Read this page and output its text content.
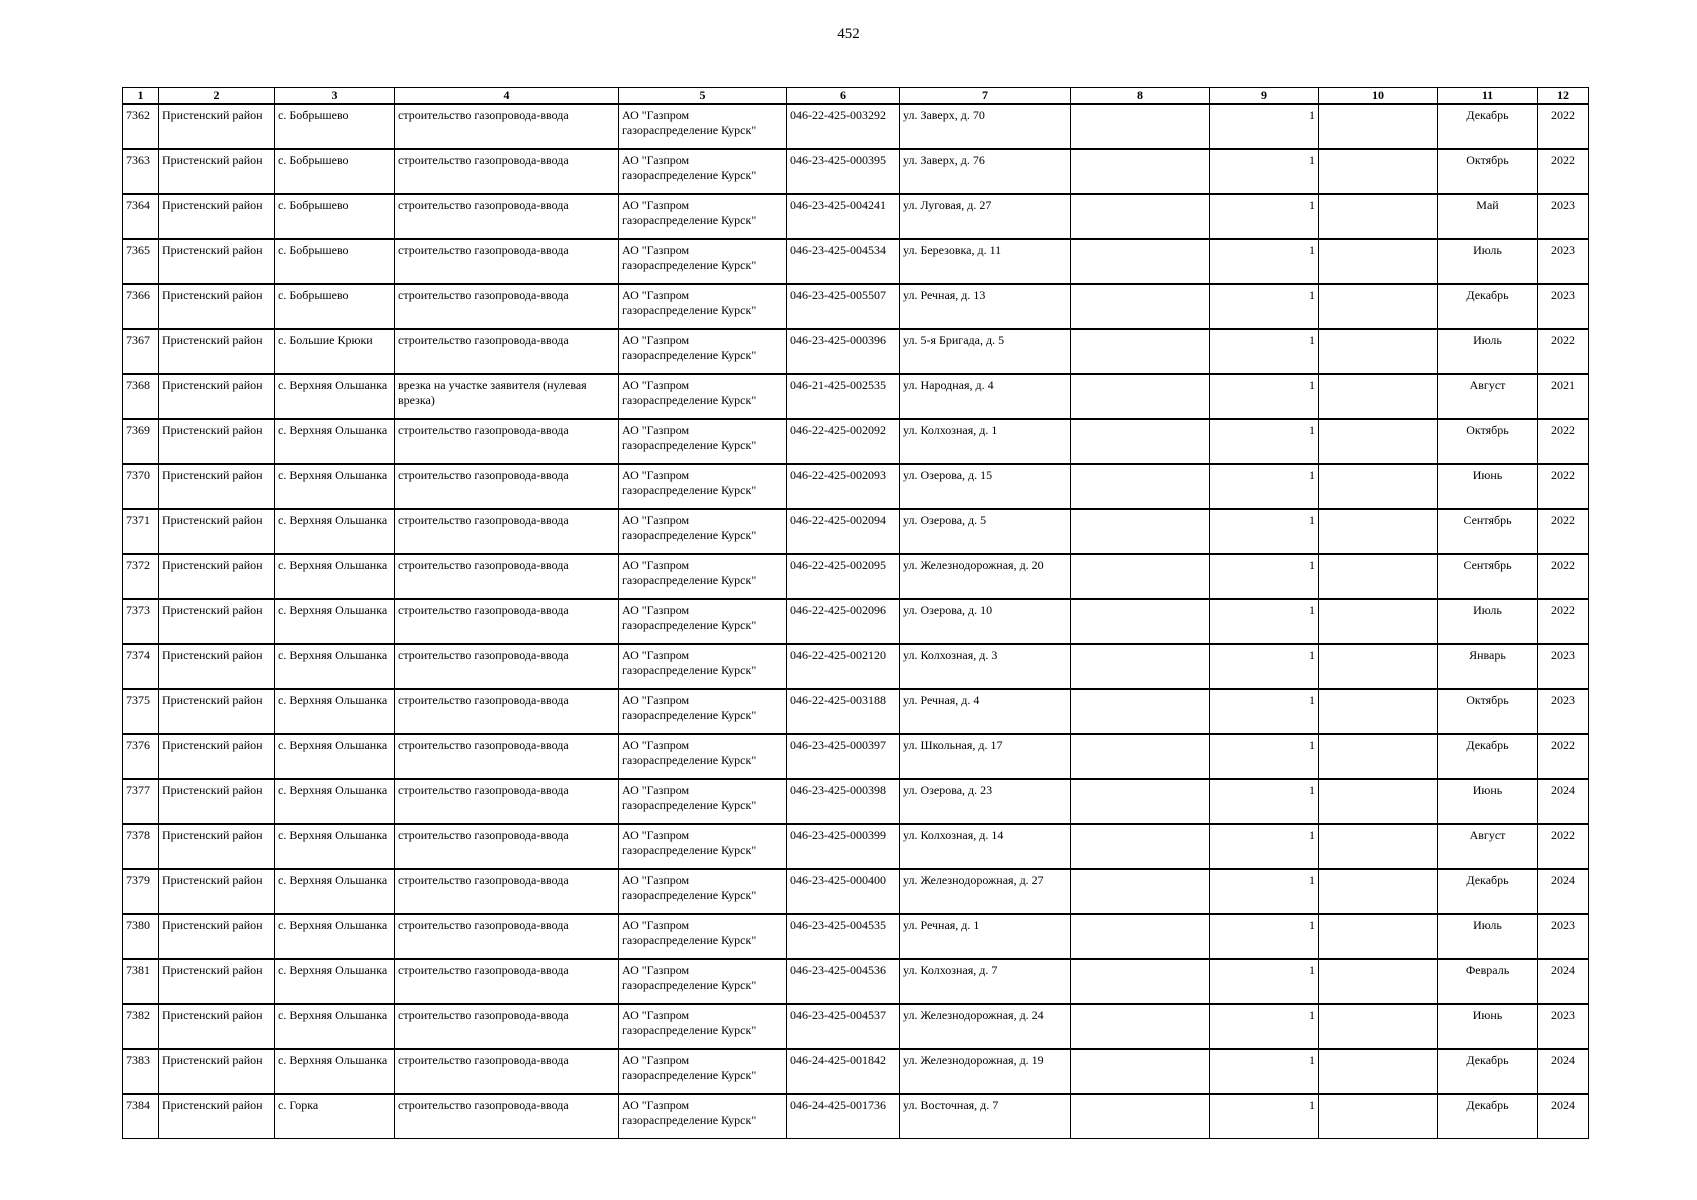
452
1	2	3	4	5	6	7	8	9	10	11	12
7362	Пристенский район	с. Бобрышево	строительство газопровода-ввода	АО "Газпром газораспределение Курск"	046-22-425-003292	ул. Заверх, д. 70		1		Декабрь	2022
7363	Пристенский район	с. Бобрышево	строительство газопровода-ввода	АО "Газпром газораспределение Курск"	046-23-425-000395	ул. Заверх, д. 76		1		Октябрь	2022
7364	Пристенский район	с. Бобрышево	строительство газопровода-ввода	АО "Газпром газораспределение Курск"	046-23-425-004241	ул. Луговая, д. 27		1		Май	2023
7365	Пристенский район	с. Бобрышево	строительство газопровода-ввода	АО "Газпром газораспределение Курск"	046-23-425-004534	ул. Березовка, д. 11		1		Июль	2023
7366	Пристенский район	с. Бобрышево	строительство газопровода-ввода	АО "Газпром газораспределение Курск"	046-23-425-005507	ул. Речная, д. 13		1		Декабрь	2023
7367	Пристенский район	с. Большие Крюки	строительство газопровода-ввода	АО "Газпром газораспределение Курск"	046-23-425-000396	ул. 5-я Бригада, д. 5		1		Июль	2022
7368	Пристенский район	с. Верхняя Ольшанка	врезка на участке заявителя (нулевая врезка)	АО "Газпром газораспределение Курск"	046-21-425-002535	ул. Народная, д. 4		1		Август	2021
7369	Пристенский район	с. Верхняя Ольшанка	строительство газопровода-ввода	АО "Газпром газораспределение Курск"	046-22-425-002092	ул. Колхозная, д. 1		1		Октябрь	2022
7370	Пристенский район	с. Верхняя Ольшанка	строительство газопровода-ввода	АО "Газпром газораспределение Курск"	046-22-425-002093	ул. Озерова, д. 15		1		Июнь	2022
7371	Пристенский район	с. Верхняя Ольшанка	строительство газопровода-ввода	АО "Газпром газораспределение Курск"	046-22-425-002094	ул. Озерова, д. 5		1		Сентябрь	2022
7372	Пристенский район	с. Верхняя Ольшанка	строительство газопровода-ввода	АО "Газпром газораспределение Курск"	046-22-425-002095	ул. Железнодорожная, д. 20		1		Сентябрь	2022
7373	Пристенский район	с. Верхняя Ольшанка	строительство газопровода-ввода	АО "Газпром газораспределение Курск"	046-22-425-002096	ул. Озерова, д. 10		1		Июль	2022
7374	Пристенский район	с. Верхняя Ольшанка	строительство газопровода-ввода	АО "Газпром газораспределение Курск"	046-22-425-002120	ул. Колхозная, д. 3		1		Январь	2023
7375	Пристенский район	с. Верхняя Ольшанка	строительство газопровода-ввода	АО "Газпром газораспределение Курск"	046-22-425-003188	ул. Речная, д. 4		1		Октябрь	2023
7376	Пристенский район	с. Верхняя Ольшанка	строительство газопровода-ввода	АО "Газпром газораспределение Курск"	046-23-425-000397	ул. Школьная, д. 17		1		Декабрь	2022
7377	Пристенский район	с. Верхняя Ольшанка	строительство газопровода-ввода	АО "Газпром газораспределение Курск"	046-23-425-000398	ул. Озерова, д. 23		1		Июнь	2024
7378	Пристенский район	с. Верхняя Ольшанка	строительство газопровода-ввода	АО "Газпром газораспределение Курск"	046-23-425-000399	ул. Колхозная, д. 14		1		Август	2022
7379	Пристенский район	с. Верхняя Ольшанка	строительство газопровода-ввода	АО "Газпром газораспределение Курск"	046-23-425-000400	ул. Железнодорожная, д. 27		1		Декабрь	2024
7380	Пристенский район	с. Верхняя Ольшанка	строительство газопровода-ввода	АО "Газпром газораспределение Курск"	046-23-425-004535	ул. Речная, д. 1		1		Июль	2023
7381	Пристенский район	с. Верхняя Ольшанка	строительство газопровода-ввода	АО "Газпром газораспределение Курск"	046-23-425-004536	ул. Колхозная, д. 7		1		Февраль	2024
7382	Пристенский район	с. Верхняя Ольшанка	строительство газопровода-ввода	АО "Газпром газораспределение Курск"	046-23-425-004537	ул. Железнодорожная, д. 24		1		Июнь	2023
7383	Пристенский район	с. Верхняя Ольшанка	строительство газопровода-ввода	АО "Газпром газораспределение Курск"	046-24-425-001842	ул. Железнодорожная, д. 19		1		Декабрь	2024
7384	Пристенский район	с. Горка	строительство газопровода-ввода	АО "Газпром газораспределение Курск"	046-24-425-001736	ул. Восточная, д. 7		1		Декабрь	2024
